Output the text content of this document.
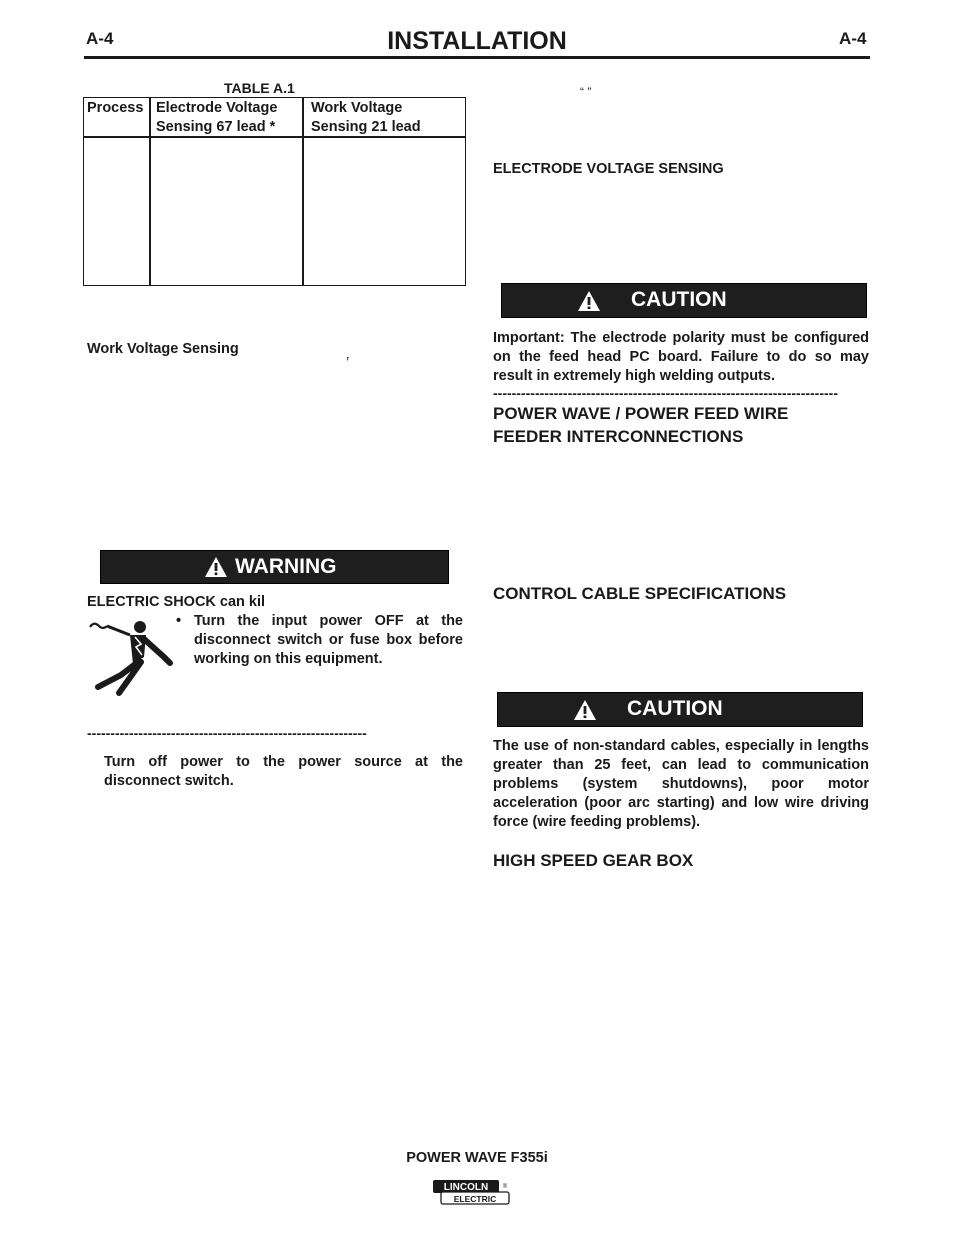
A-4	INSTALLATION	A-4
TABLE A.1
Process Electrode Voltage
Sensing 67 lead *
Work Voltage
Sensing 21 lead
Work Voltage Sensing
’
WARNING
ELECTRIC SHOCK can kil
• Turn the input power OFF at the disconnect switch or fuse box before working on this equipment.
------------------------------------------------------------
Turn off power to the power source at the disconnect switch.
“ ”
ELECTRODE VOLTAGE SENSING
CAUTION
Important: The electrode polarity must be configured on the feed head PC board. Failure to do so may result in extremely high welding outputs.
--------------------------------------------------------------------------
POWER WAVE / POWER FEED WIRE
FEEDER INTERCONNECTIONS
CONTROL CABLE SPECIFICATIONS
CAUTION
The use of non-standard cables, especially in lengths greater than 25 feet, can lead to communication problems (system shutdowns), poor motor acceleration (poor arc starting) and low wire driving force (wire feeding problems).
HIGH SPEED GEAR BOX
POWER WAVE F355i
LINCOLN
ELECTRIC
®
